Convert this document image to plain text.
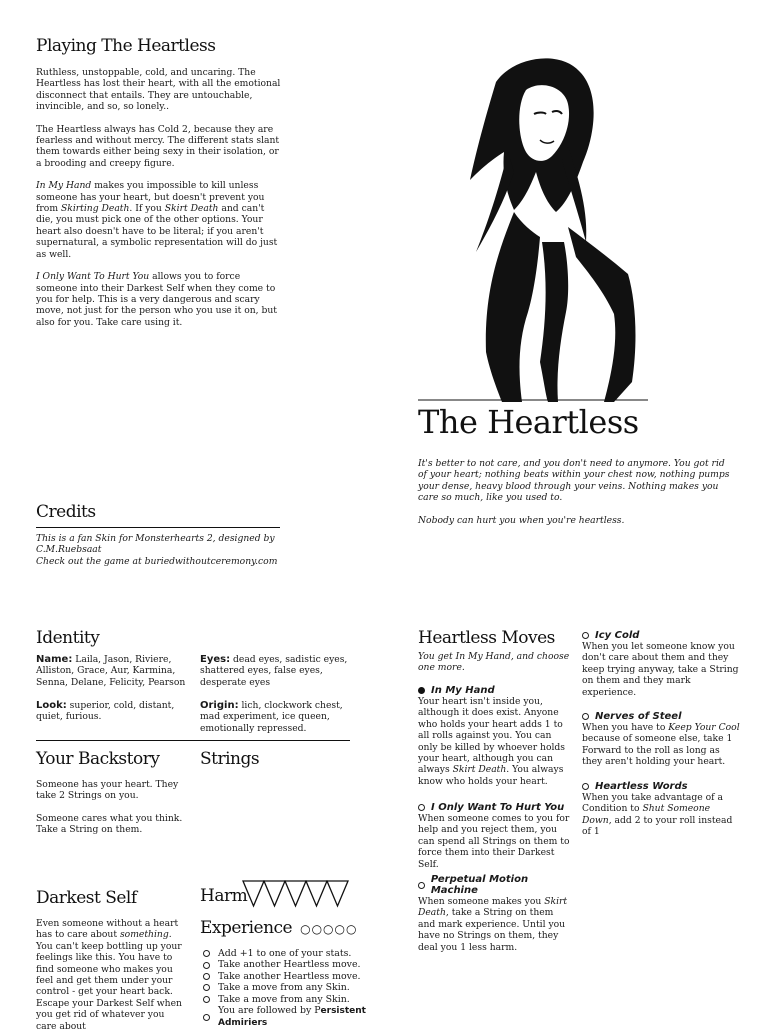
Playing The Heartless

Ruthless, unstoppable, cold, and uncaring. The Heartless has lost their heart, with all the emotional disconnect that entails. They are untouchable, invincible, and so, so lonely..

The Heartless always has Cold 2, because they are fearless and without mercy. The different stats slant them towards either being sexy in their isolation, or a brooding and creepy figure.

In My Hand makes you impossible to kill unless someone has your heart, but doesn't prevent you from Skirting Death. If you Skirt Death and can't die, you must pick one of the other options. Your heart also doesn't have to be literal; if you aren't supernatural, a symbolic representation will do just as well.

I Only Want To Hurt You allows you to force someone into their Darkest Self when they come to you for help. This is a very dangerous and scary move, not just for the person who you use it on, but also for you. Take care using it.

The Heartless

It's better to not care, and you don't need to anymore. You got rid of your heart; nothing beats within your chest now, nothing pumps your dense, heavy blood through your veins. Nothing makes you care so much, like you used to.

Nobody can hurt you when you're heartless.

Credits
This is a fan Skin for Monsterhearts 2, designed by C.M.Ruebsaat
Check out the game at buriedwithoutceremony.com
Identity
Name: Laila, Jason, Riviere, Alliston, Grace, Aur, Karmina, Senna, Delane, Felicity, Pearson
Look: superior, cold, distant, quiet, furious.
Eyes: dead eyes, sadistic eyes, shattered eyes, false eyes, desperate eyes
Origin: lich, clockwork chest, mad experiment, ice queen, emotionally repressed.
Your Backstory

Someone has your heart. They take 2 Strings on you.

Someone cares what you think. Take a String on them.

Strings
Darkest Self
Even someone without a heart has to care about something. You can't keep bottling up your feelings like this. You have to find someone who makes you feel and get them under your control - get your heart back. Escape your Darkest Self when you get rid of whatever you care about
Harm
Experience ○○○○○
Add +1 to one of your stats.
Take another Heartless move.
Take another Heartless move.
Take a move from any Skin.
Take a move from any Skin.
You are followed by Persistent Admiriers
Heartless Moves
You get In My Hand, and choose one more.
In My Hand
Your heart isn't inside you, although it does exist. Anyone who holds your heart adds 1 to all rolls against you. You can only be killed by whoever holds your heart, although you can always Skirt Death. You always know who holds your heart.
I Only Want To Hurt You
When someone comes to you for help and you reject them, you can spend all Strings on them to force them into their Darkest Self.
Perpetual Motion Machine
When someone makes you Skirt Death, take a String on them and mark experience. Until you have no Strings on them, they deal you 1 less harm.
Icy Cold
When you let someone know you don't care about them and they keep trying anyway, take a String on them and they mark experience.
Nerves of Steel
When you have to Keep Your Cool because of someone else, take 1 Forward to the roll as long as they aren't holding your heart.
Heartless Words
When you take advantage of a Condition to Shut Someone Down, add 2 to your roll instead of 1
